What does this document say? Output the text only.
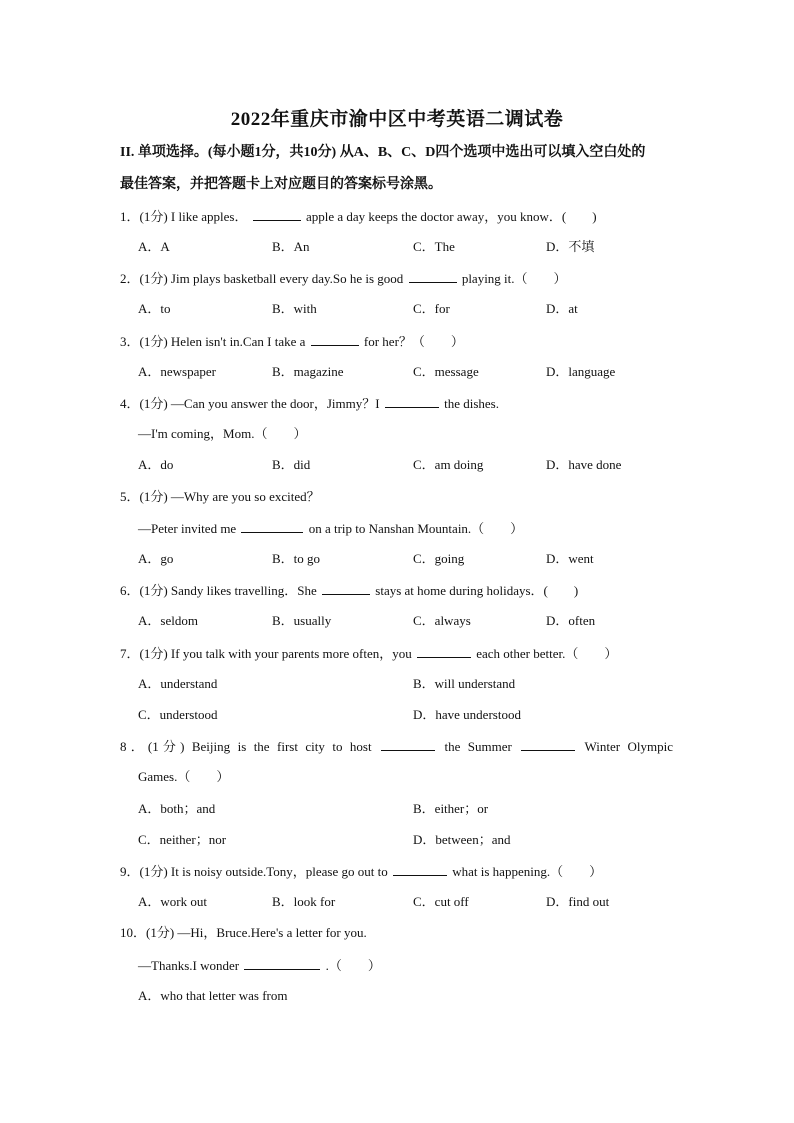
2022年重庆市渝中区中考英语二调试卷
II. 单项选择。(每小题1分，共10分) 从A、B、C、D四个选项中选出可以填入空白处的
最佳答案，并把答题卡上对应题目的答案标号涂黑。
1．(1分) I like apples．	apple a day keeps the doctor away，you know．(　　)
A．A	B．An	C．The	D．不填
2．(1分) Jim plays basketball every day.So he is good	playing it.（　　）
A．to	B．with	C．for	D．at
3．(1分) Helen isn't in.Can I take a	for her？（　　）
A．newspaper	B．magazine	C．message	D．language
4．(1分) —Can you answer the door，Jimmy？I	the dishes.
—I'm coming，Mom.（　　）
A．do	B．did	C．am doing	D．have done
5．(1分) —Why are you so excited？
—Peter invited me	on a trip to Nanshan Mountain.（　　）
A．go	B．to go	C．going	D．went
6．(1分) Sandy likes travelling．She	stays at home during holidays．(　　)
A．seldom	B．usually	C．always	D．often
7．(1分) If you talk with your parents more often，you	each other better.（　　）
A．understand	B．will understand
C．understood	D．have understood
8．(1分) Beijing is the first city to host	the Summer	Winter Olympic
Games.（　　）
A．both；and	B．either；or
C．neither；nor	D．between；and
9．(1分) It is noisy outside.Tony，please go out to	what is happening.（　　）
A．work out	B．look for	C．cut off	D．find out
10．(1分) —Hi，Bruce.Here's a letter for you.
—Thanks.I wonder	.（　　）
A．who that letter was from
